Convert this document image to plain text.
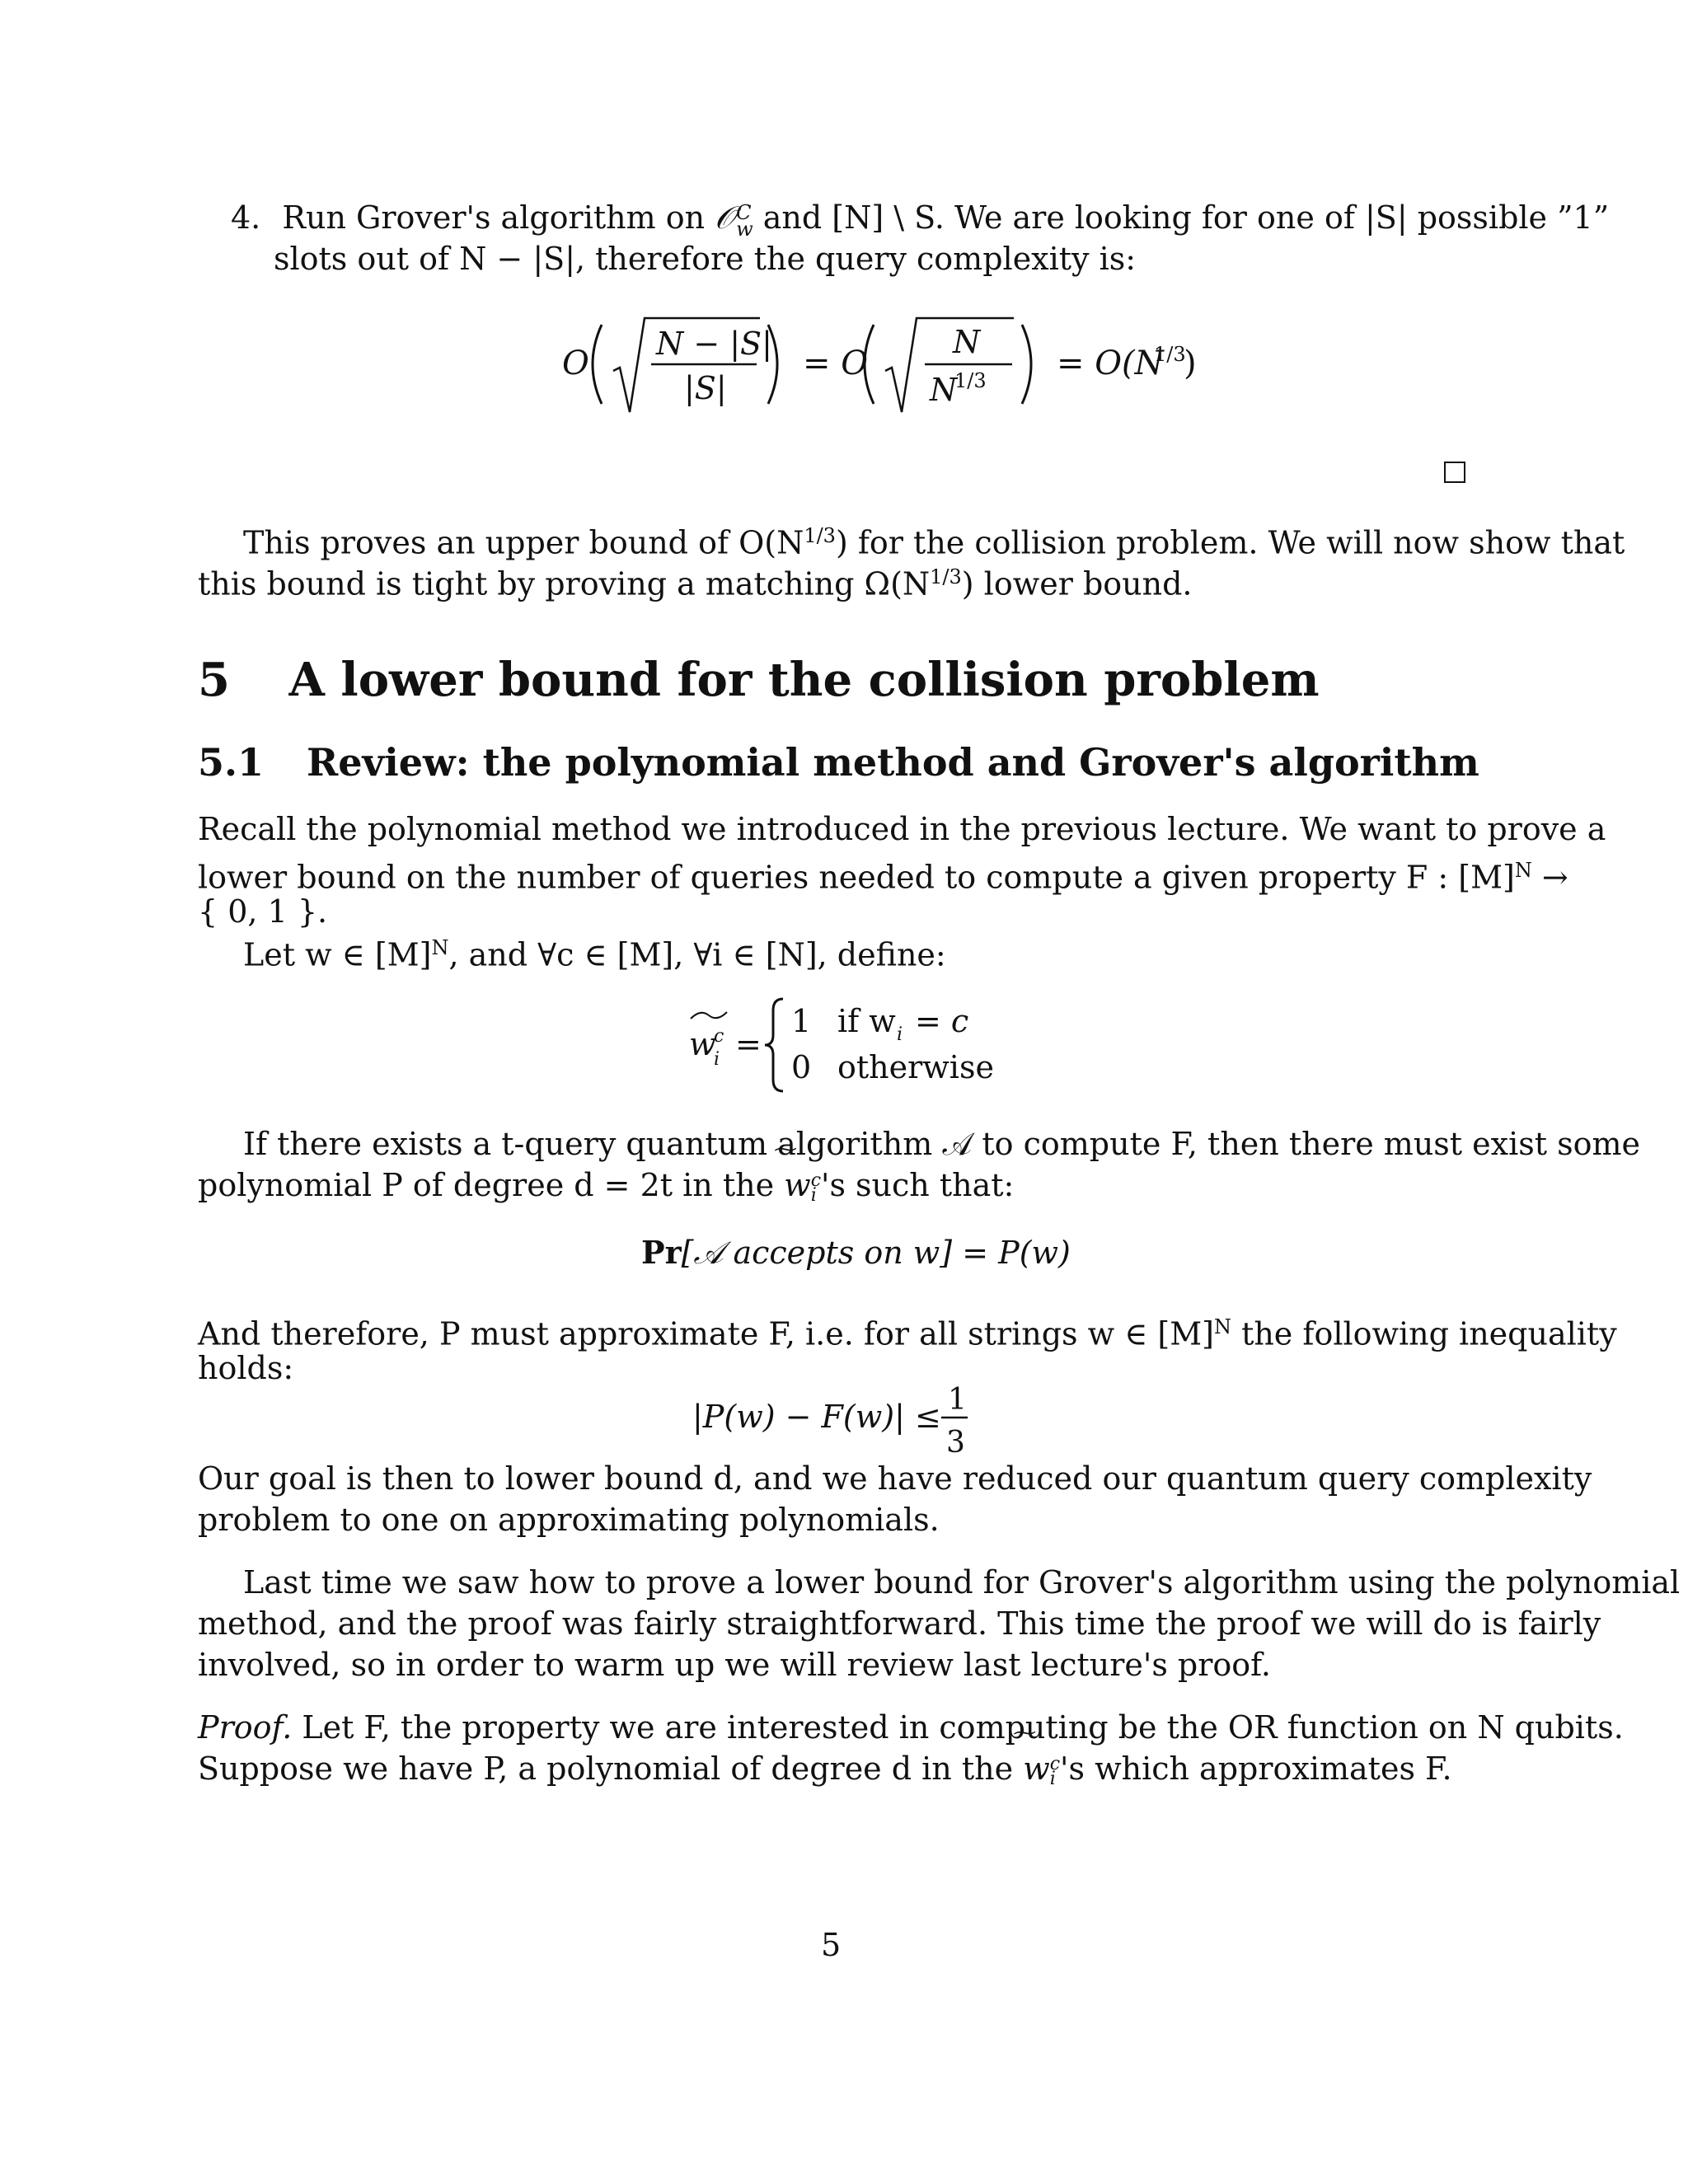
4. Run Grover's algorithm on 𝒪 C
w and [N] \ S. We are looking for one of |S| possible ”1”
slots out of N − |S|, therefore the query complexity is:
O
N − |S|
|S|
= O
N
N
1/3 = O(N
1/3
)
This proves an upper bound of $O(N^{1/3})$ for the collision problem. We will now show that
this bound is tight by proving a matching $\Omega(N^{1/3})$ lower bound.
5 A lower bound for the collision problem
5.1 Review: the polynomial method and Grover's algorithm
Recall the polynomial method we introduced in the previous lecture. We want to prove a
lower bound on the number of queries needed to compute a given property F : $[M]^N$ →
{ 0, 1 }.
Let w ∈ $[M]^N$, and ∀c ∈ [M], ∀i ∈ [N], define:
w
c
i =
1 if w i = c
0 otherwise
If there exists a t-query quantum algorithm 𝒜 to compute F, then there must exist some
polynomial P of degree d = 2t in the
w c
i 's such that:
Pr[𝒜 accepts on w] = P(w)
And therefore, P must approximate F, i.e. for all strings w ∈ $[M]^N$ the following inequality
holds:
|P(w) − F(w)| ≤ 1
3
Our goal is then to lower bound d, and we have reduced our quantum query complexity
problem to one on approximating polynomials.
Last time we saw how to prove a lower bound for Grover's algorithm using the polynomial
method, and the proof was fairly straightforward. This time the proof we will do is fairly
involved, so in order to warm up we will review last lecture's proof.
Proof. Let F, the property we are interested in computing be the OR function on N qubits.
Suppose we have P, a polynomial of degree d in the
w c
i 's which approximates F.
5
